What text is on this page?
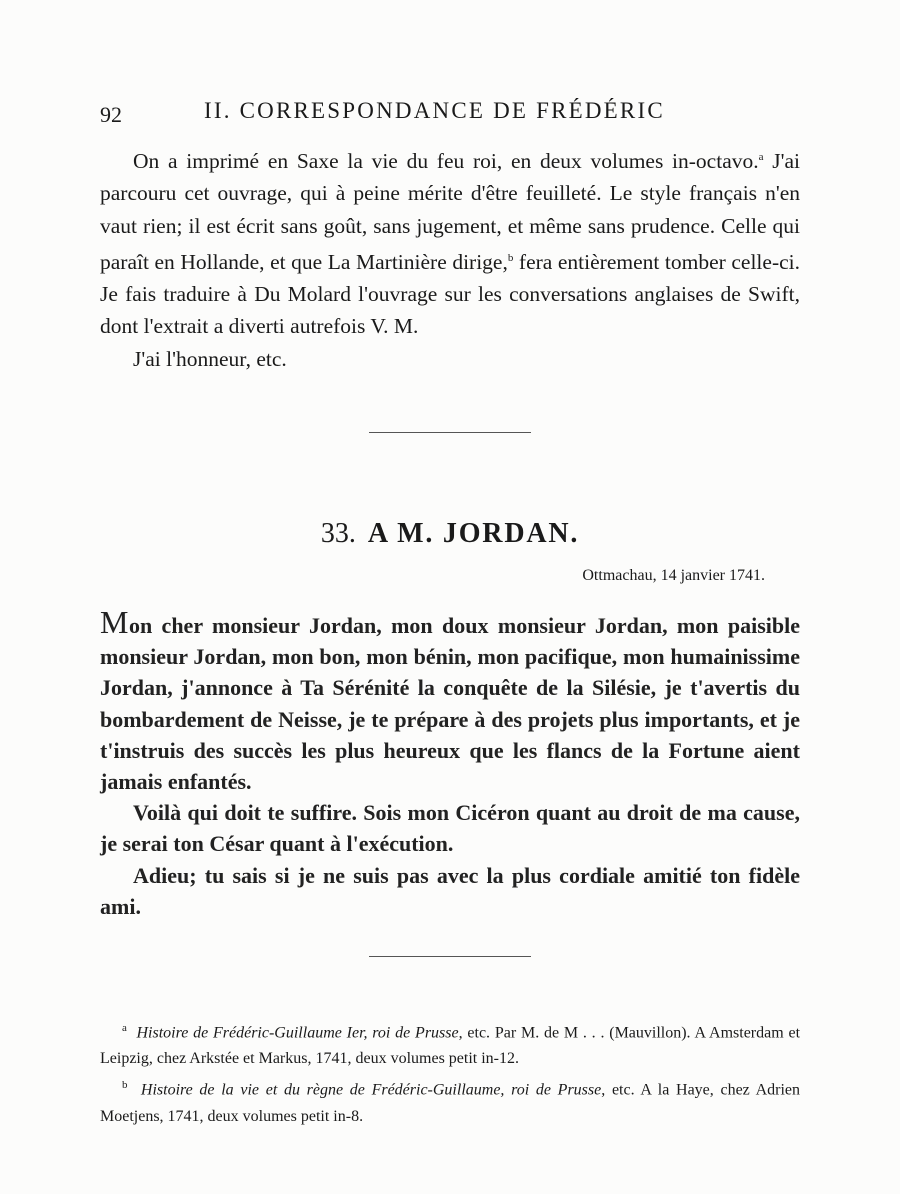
92	II. CORRESPONDANCE DE FRÉDÉRIC

On a imprimé en Saxe la vie du feu roi, en deux volumes in-octavo.$^a$ J'ai parcouru cet ouvrage, qui à peine mérite d'être feuilleté. Le style français n'en vaut rien; il est écrit sans goût, sans jugement, et même sans prudence. Celle qui paraît en Hollande, et que La Martinière dirige,$^b$ fera entièrement tomber celle-ci. Je fais traduire à Du Molard l'ouvrage sur les conversations anglaises de Swift, dont l'extrait a diverti autrefois V. M.

J'ai l'honneur, etc.

33. A M. JORDAN.
Ottmachau, 14 janvier 1741.

Mon cher monsieur Jordan, mon doux monsieur Jordan, mon paisible monsieur Jordan, mon bon, mon bénin, mon pacifique, mon humainissime Jordan, j'annonce à Ta Sérénité la conquête de la Silésie, je t'avertis du bombardement de Neisse, je te prépare à des projets plus importants, et je t'instruis des succès les plus heureux que les flancs de la Fortune aient jamais enfantés.

Voilà qui doit te suffire. Sois mon Cicéron quant au droit de ma cause, je serai ton César quant à l'exécution.

Adieu; tu sais si je ne suis pas avec la plus cordiale amitié ton fidèle ami.

$^a$ Histoire de Frédéric-Guillaume Ier, roi de Prusse, etc. Par M. de M . . . (Mauvillon). A Amsterdam et Leipzig, chez Arkstée et Markus, 1741, deux volumes petit in-12.

$^b$ Histoire de la vie et du règne de Frédéric-Guillaume, roi de Prusse, etc. A la Haye, chez Adrien Moetjens, 1741, deux volumes petit in-8.
